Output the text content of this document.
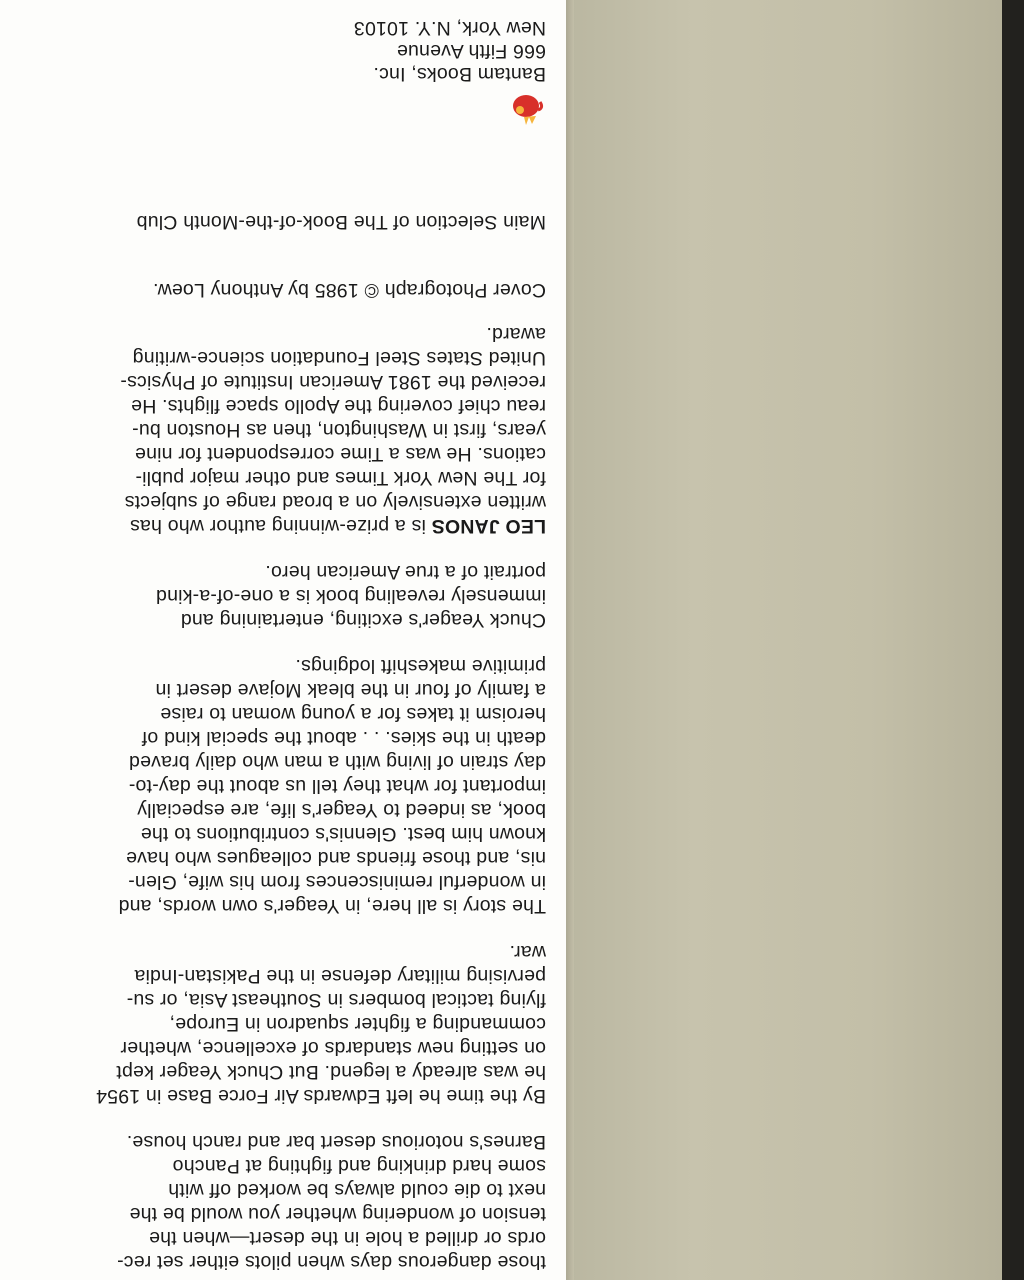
those dangerous days when pilots either set rec-

ords or drilled a hole in the desert—when the

tension of wondering whether you would be the

next to die could always be worked off with

some hard drinking and fighting at Pancho

Barnes's notorious desert bar and ranch house.

By the time he left Edwards Air Force Base in 1954

he was already a legend. But Chuck Yeager kept

on setting new standards of excellence, whether

commanding a fighter squadron in Europe,

flying tactical bombers in Southeast Asia, or su-

pervising military defense in the Pakistan-India

war.

The story is all here, in Yeager's own words, and

in wonderful reminiscences from his wife, Glen-

nis, and those friends and colleagues who have

known him best. Glennis's contributions to the

book, as indeed to Yeager's life, are especially

important for what they tell us about the day-to-

day strain of living with a man who daily braved

death in the skies. . . about the special kind of

heroism it takes for a young woman to raise

a family of four in the bleak Mojave desert in

primitive makeshift lodgings.

Chuck Yeager's exciting, entertaining and

immensely revealing book is a one-of-a-kind

portrait of a true American hero.

LEO JANOS is a prize-winning author who has

written extensively on a broad range of subjects

for The New York Times and other major publi-

cations. He was a Time correspondent for nine

years, first in Washington, then as Houston bu-

reau chief covering the Apollo space flights. He

received the 1981 American Institute of Physics-

United States Steel Foundation science-writing

award.

Cover Photograph © 1985 by Anthony Loew.

Main Selection of The Book-of-the-Month Club

Bantam Books, Inc.

666 Fifth Avenue

New York, N.Y. 10103
